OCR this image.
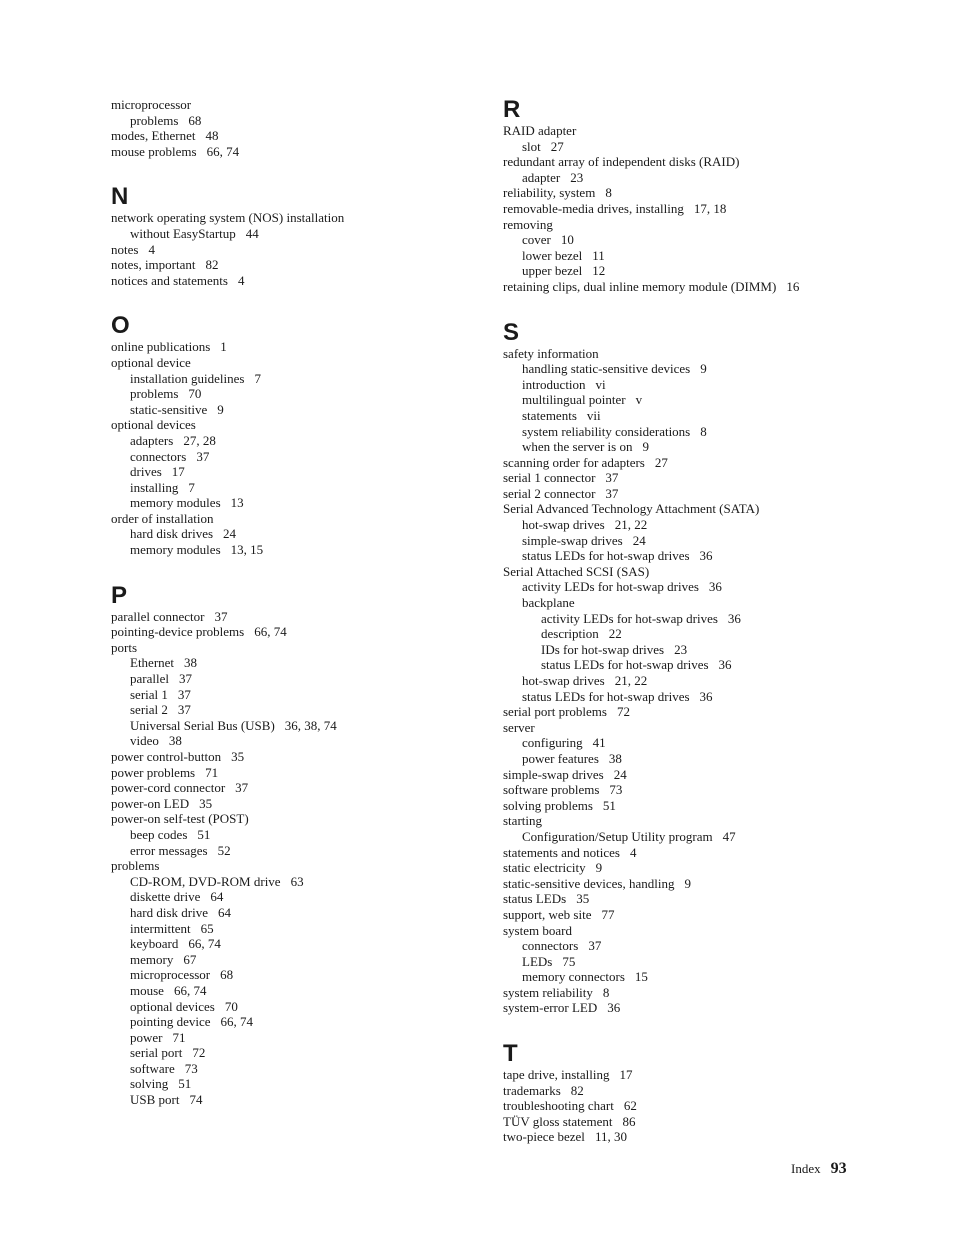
microprocessor
problems 68
modes, Ethernet 48
mouse problems 66, 74
N
network operating system (NOS) installation
without EasyStartup 44
notes 4
notes, important 82
notices and statements 4
O
online publications 1
optional device
installation guidelines 7
problems 70
static-sensitive 9
optional devices
adapters 27, 28
connectors 37
drives 17
installing 7
memory modules 13
order of installation
hard disk drives 24
memory modules 13, 15
P
parallel connector 37
pointing-device problems 66, 74
ports
Ethernet 38
parallel 37
serial 1 37
serial 2 37
Universal Serial Bus (USB) 36, 38, 74
video 38
power control-button 35
power problems 71
power-cord connector 37
power-on LED 35
power-on self-test (POST)
beep codes 51
error messages 52
problems
CD-ROM, DVD-ROM drive 63
diskette drive 64
hard disk drive 64
intermittent 65
keyboard 66, 74
memory 67
microprocessor 68
mouse 66, 74
optional devices 70
pointing device 66, 74
power 71
serial port 72
software 73
solving 51
USB port 74
R
RAID adapter
slot 27
redundant array of independent disks (RAID)
adapter 23
reliability, system 8
removable-media drives, installing 17, 18
removing
cover 10
lower bezel 11
upper bezel 12
retaining clips, dual inline memory module (DIMM) 16
S
safety information
handling static-sensitive devices 9
introduction vi
multilingual pointer v
statements vii
system reliability considerations 8
when the server is on 9
scanning order for adapters 27
serial 1 connector 37
serial 2 connector 37
Serial Advanced Technology Attachment (SATA)
hot-swap drives 21, 22
simple-swap drives 24
status LEDs for hot-swap drives 36
Serial Attached SCSI (SAS)
activity LEDs for hot-swap drives 36
backplane
activity LEDs for hot-swap drives 36
description 22
IDs for hot-swap drives 23
status LEDs for hot-swap drives 36
hot-swap drives 21, 22
status LEDs for hot-swap drives 36
serial port problems 72
server
configuring 41
power features 38
simple-swap drives 24
software problems 73
solving problems 51
starting
Configuration/Setup Utility program 47
statements and notices 4
static electricity 9
static-sensitive devices, handling 9
status LEDs 35
support, web site 77
system board
connectors 37
LEDs 75
memory connectors 15
system reliability 8
system-error LED 36
T
tape drive, installing 17
trademarks 82
troubleshooting chart 62
TÜV gloss statement 86
two-piece bezel 11, 30
Index 93
